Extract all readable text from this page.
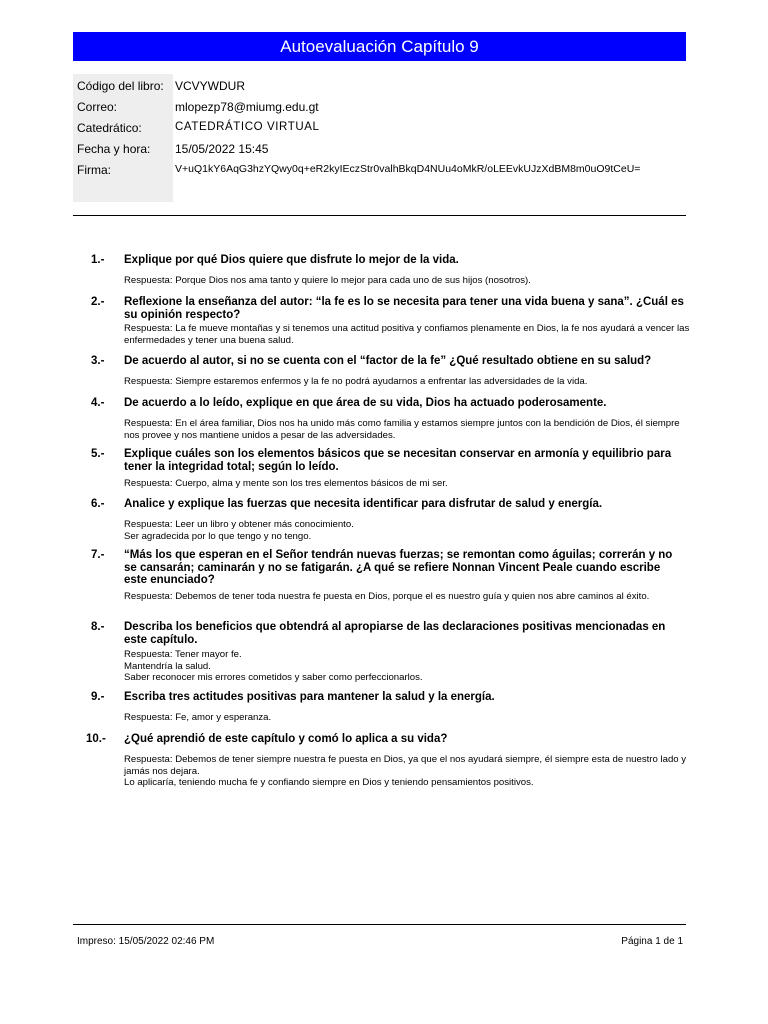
Autoevaluación Capítulo 9
Código del libro: VCVYWDUR
Correo:	mlopezp78@miumg.edu.gt
Catedrático:	CATEDRÁTICO VIRTUAL
Fecha y hora: 15/05/2022 15:45
Firma:	V+uQ1kY6AqG3hzYQwy0q+eR2kyIEczStr0valhBkqD4NUu4oMkR/oLEEvkUJzXdBM8m0uO9tCeU=
1.- Explique por qué Dios quiere que disfrute lo mejor de la vida.
Respuesta: Porque Dios nos ama tanto y quiere lo mejor para cada uno de sus hijos (nosotros).
2.- Reflexione la enseñanza del autor: “la fe es lo se necesita para tener una vida buena y sana”. ¿Cuál es su opinión respecto?
Respuesta: La fe mueve montañas y si tenemos una actitud positiva y confiamos plenamente en Dios, la fe nos ayudará a vencer las enfermedades y tener una buena salud.
3.- De acuerdo al autor, si no se cuenta con el “factor de la fe” ¿Qué resultado obtiene en su salud?
Respuesta: Siempre estaremos enfermos y la fe no podrá ayudarnos a enfrentar las adversidades de la vida.
4.- De acuerdo a lo leído, explique en que área de su vida, Dios ha actuado poderosamente.
Respuesta: En el área familiar, Dios nos ha unido más como familia y estamos siempre juntos con la bendición de Dios, él siempre nos provee y nos mantiene unidos a pesar de las adversidades.
5.- Explique cuáles son los elementos básicos que se necesitan conservar en armonía y equilibrio para tener la integridad total; según lo leído.
Respuesta: Cuerpo, alma y mente son los tres elementos básicos de mi ser.
6.- Analice y explique las fuerzas que necesita identificar para disfrutar de salud y energía.
Respuesta: Leer un libro y obtener más conocimiento.
Ser agradecida por lo que tengo y no tengo.
7.- “Más los que esperan en el Señor tendrán nuevas fuerzas; se remontan como águilas; correrán y no se cansarán; caminarán y no se fatigarán. ¿A qué se refiere Nonnan Vincent Peale cuando escribe este enunciado?
Respuesta: Debemos de tener toda nuestra fe puesta en Dios, porque el es nuestro guía y quien nos abre caminos al éxito.
8.- Describa los beneficios que obtendrá al apropiarse de las declaraciones positivas mencionadas en este capítulo.
Respuesta: Tener mayor fe.
Mantendría la salud.
Saber reconocer mis errores cometidos y saber como perfeccionarlos.
9.- Escriba tres actitudes positivas para mantener la salud y la energía.
Respuesta: Fe, amor y esperanza.
10.- ¿Qué aprendió de este capítulo y comó lo aplica a su vida?
Respuesta: Debemos de tener siempre nuestra fe puesta en Dios, ya que el nos ayudará siempre, él siempre esta de nuestro lado y jamás nos dejara.
Lo aplicaría, teniendo mucha fe y confiando siempre en Dios y teniendo pensamientos positivos.
Impreso: 15/05/2022 02:46 PM	Página 1 de 1
